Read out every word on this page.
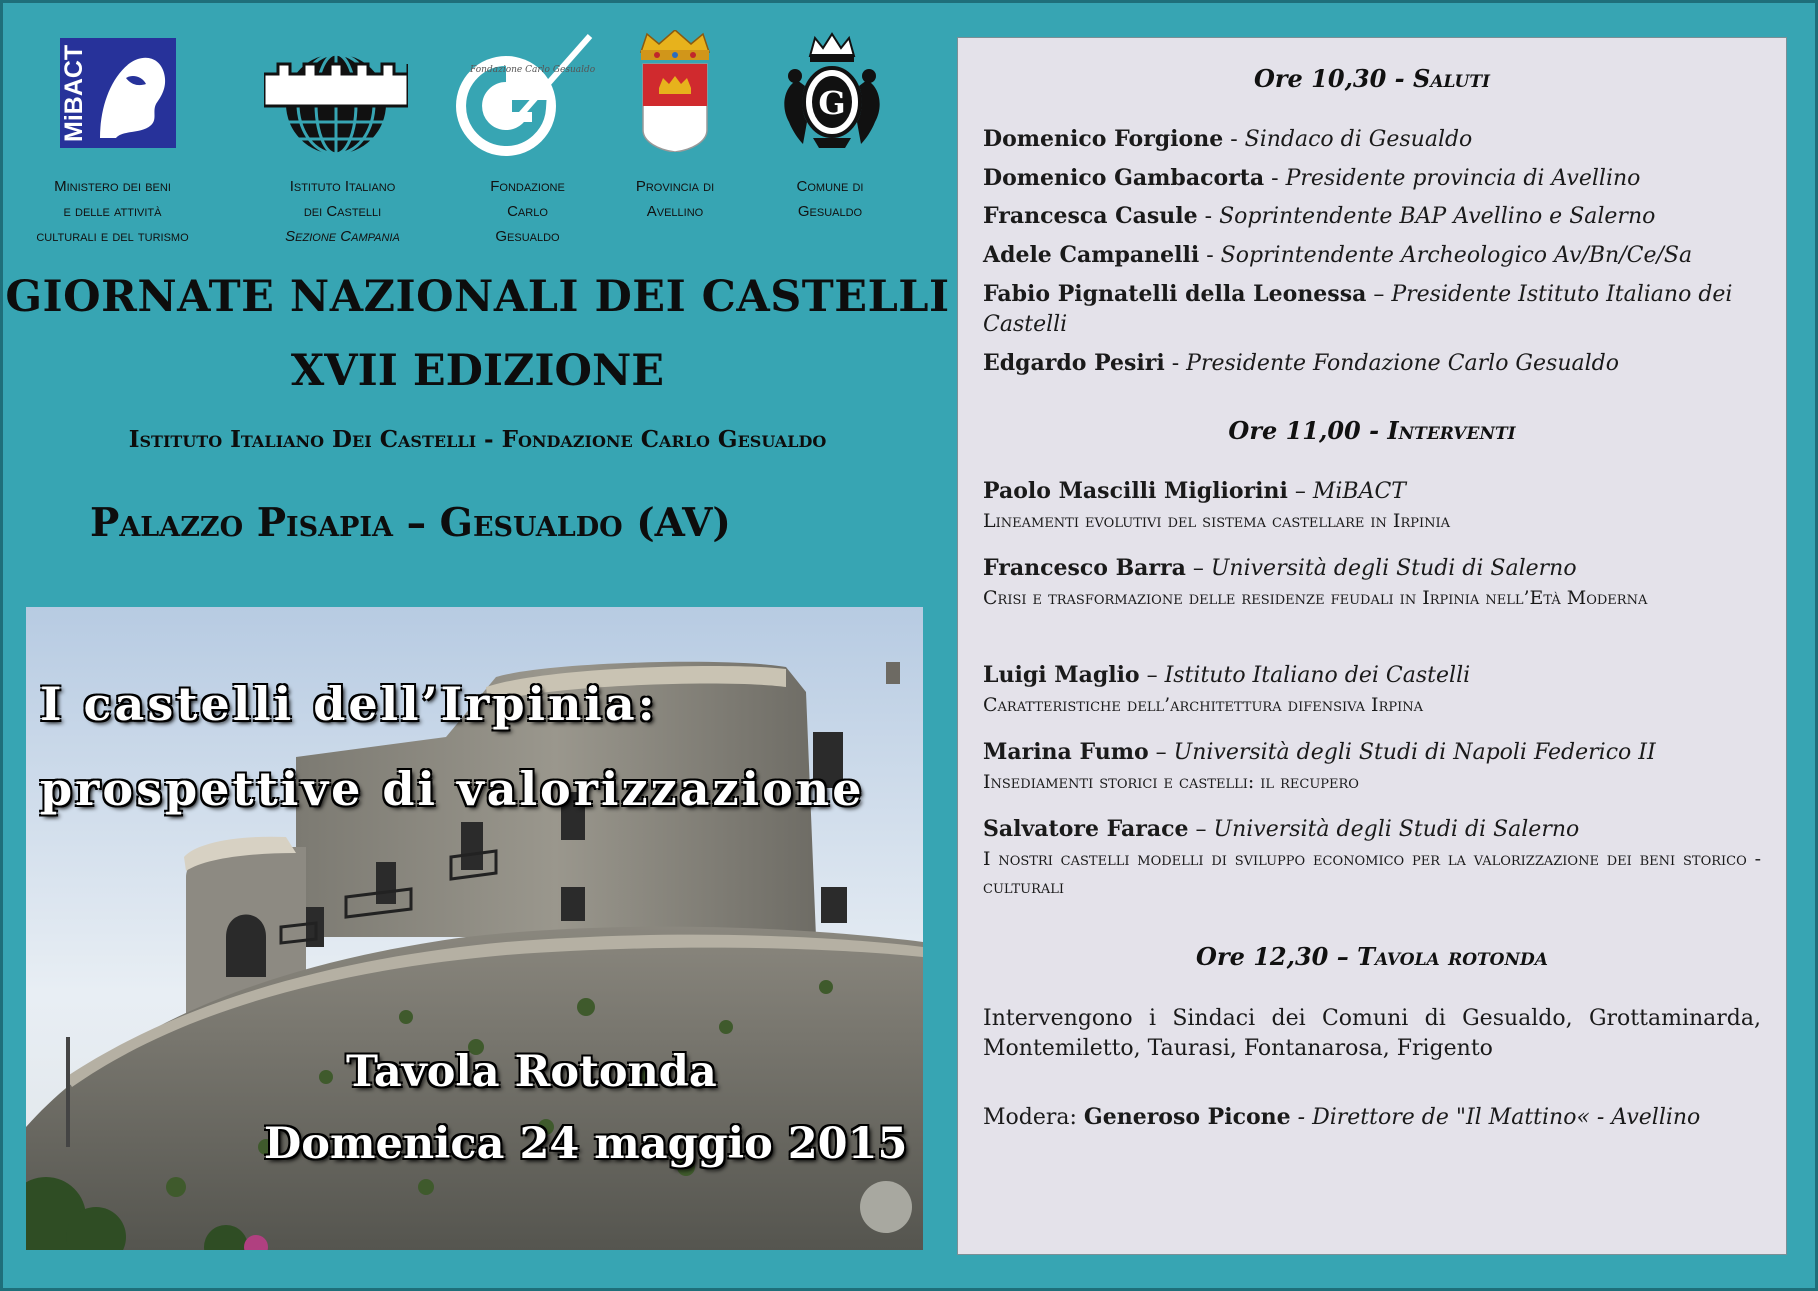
MiBACT
Ministero dei beni
e delle attività
culturali e del turismo
Istituto Italiano
dei Castelli
Sezione Campania
Fondazione Carlo Gesualdo
Fondazione
Carlo
Gesualdo
Provincia di
Avellino
G
Comune di
Gesualdo
GIORNATE NAZIONALI DEI CASTELLI
XVII EDIZIONE
Istituto Italiano Dei Castelli - Fondazione Carlo Gesualdo
Palazzo Pisapia – Gesualdo (AV)
I castelli dell’Irpinia:
prospettive di valorizzazione
Tavola Rotonda
Domenica 24 maggio 2015
Ore 10,30 - Saluti
Domenico Forgione - Sindaco di Gesualdo
Domenico Gambacorta - Presidente provincia di Avellino
Francesca Casule - Soprintendente BAP Avellino e Salerno
Adele Campanelli - Soprintendente Archeologico Av/Bn/Ce/Sa
Fabio Pignatelli della Leonessa – Presidente Istituto Italiano dei Castelli
Edgardo Pesiri - Presidente Fondazione Carlo Gesualdo
Ore 11,00 - Interventi
Paolo Mascilli Migliorini – MiBACT
Lineamenti evolutivi del sistema castellare in Irpinia
Francesco Barra – Università degli Studi di Salerno
Crisi e trasformazione delle residenze feudali in Irpinia nell’Età Moderna
Luigi Maglio – Istituto Italiano dei Castelli
Caratteristiche dell’architettura difensiva Irpina
Marina Fumo – Università degli Studi di Napoli Federico II
Insediamenti storici e castelli: il recupero
Salvatore Farace – Università degli Studi di Salerno
I nostri castelli modelli di sviluppo economico per la valorizzazione dei beni storico - culturali
Ore 12,30 – Tavola rotonda
Intervengono i Sindaci dei Comuni di Gesualdo, Grottaminarda, Montemiletto, Taurasi, Fontanarosa, Frigento
Modera: Generoso Picone - Direttore de "Il Mattino« - Avellino
